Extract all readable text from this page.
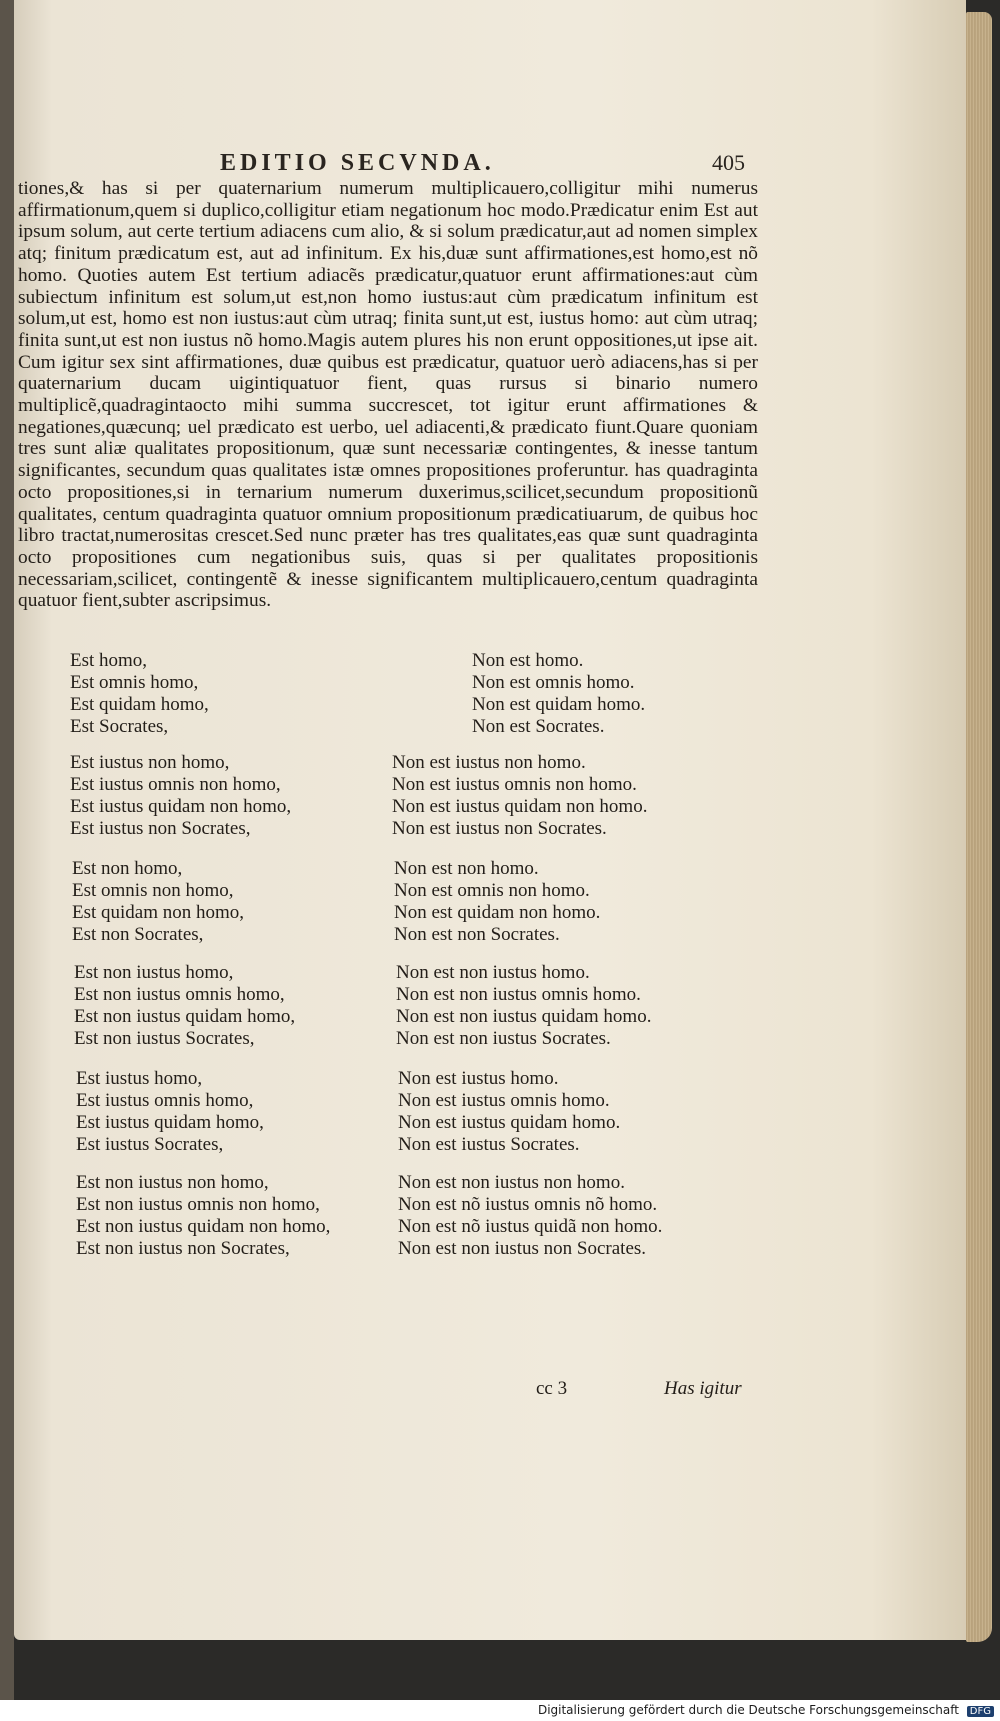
EDITIO SECVNDA.	405

tiones,& has si per quaternarium numerum multiplicauero,colligitur mihi numerus affirmationum,quem si duplico,colligitur etiam negationum hoc modo.Prædicatur enim Est aut ipsum solum, aut certe tertium adiacens cum alio, & si solum prædicatur,aut ad nomen simplex atq; finitum prædicatum est, aut ad infinitum. Ex his,duæ sunt affirmationes,est homo,est nõ homo. Quoties autem Est tertium adiacẽs prædicatur,quatuor erunt affirmationes:aut cùm subiectum infinitum est solum,ut est,non homo iustus:aut cùm prædicatum infinitum est solum,ut est, homo est non iustus:aut cùm utraq; finita sunt,ut est, iustus homo: aut cùm utraq; finita sunt,ut est non iustus nõ homo.Magis autem plures his non erunt oppositiones,ut ipse ait. Cum igitur sex sint affirmationes, duæ quibus est prædicatur, quatuor uerò adiacens,has si per quaternarium ducam uigintiquatuor fient, quas rursus si binario numero multiplicẽ,quadragintaocto mihi summa succrescet, tot igitur erunt affirmationes & negationes,quæcunq; uel prædicato est uerbo, uel adiacenti,& prædicato fiunt.Quare quoniam tres sunt aliæ qualitates propositionum, quæ sunt necessariæ contingentes, & inesse tantum significantes, secundum quas qualitates istæ omnes propositiones proferuntur. has quadraginta octo propositiones,si in ternarium numerum duxerimus,scilicet,secundum propositionũ qualitates, centum quadraginta quatuor omnium propositionum prædicatiuarum, de quibus hoc libro tractat,numerositas crescet.Sed nunc præter has tres qualitates,eas quæ sunt quadraginta octo propositiones cum negationibus suis, quas si per qualitates propositionis necessariam,scilicet, contingentẽ & inesse significantem multiplicauero,centum quadraginta quatuor fient,subter ascripsimus.

Est homo,
Est omnis homo,
Est quidam homo,
Est Socrates,
Non est homo.
Non est omnis homo.
Non est quidam homo.
Non est Socrates.
Est iustus non homo,
Est iustus omnis non homo,
Est iustus quidam non homo,
Est iustus non Socrates,
Non est iustus non homo.
Non est iustus omnis non homo.
Non est iustus quidam non homo.
Non est iustus non Socrates.
Est non homo,
Est omnis non homo,
Est quidam non homo,
Est non Socrates,
Non est non homo.
Non est omnis non homo.
Non est quidam non homo.
Non est non Socrates.
Est non iustus homo,
Est non iustus omnis homo,
Est non iustus quidam homo,
Est non iustus Socrates,
Non est non iustus homo.
Non est non iustus omnis homo.
Non est non iustus quidam homo.
Non est non iustus Socrates.
Est iustus homo,
Est iustus omnis homo,
Est iustus quidam homo,
Est iustus Socrates,
Non est iustus homo.
Non est iustus omnis homo.
Non est iustus quidam homo.
Non est iustus Socrates.
Est non iustus non homo,
Est non iustus omnis non homo,
Est non iustus quidam non homo,
Est non iustus non Socrates,
Non est non iustus non homo.
Non est nõ iustus omnis nõ homo.
Non est nõ iustus quidã non homo.
Non est non iustus non Socrates.
cc 3	Has igitur
Digitalisierung gefördert durch die Deutsche Forschungsgemeinschaft DFG
